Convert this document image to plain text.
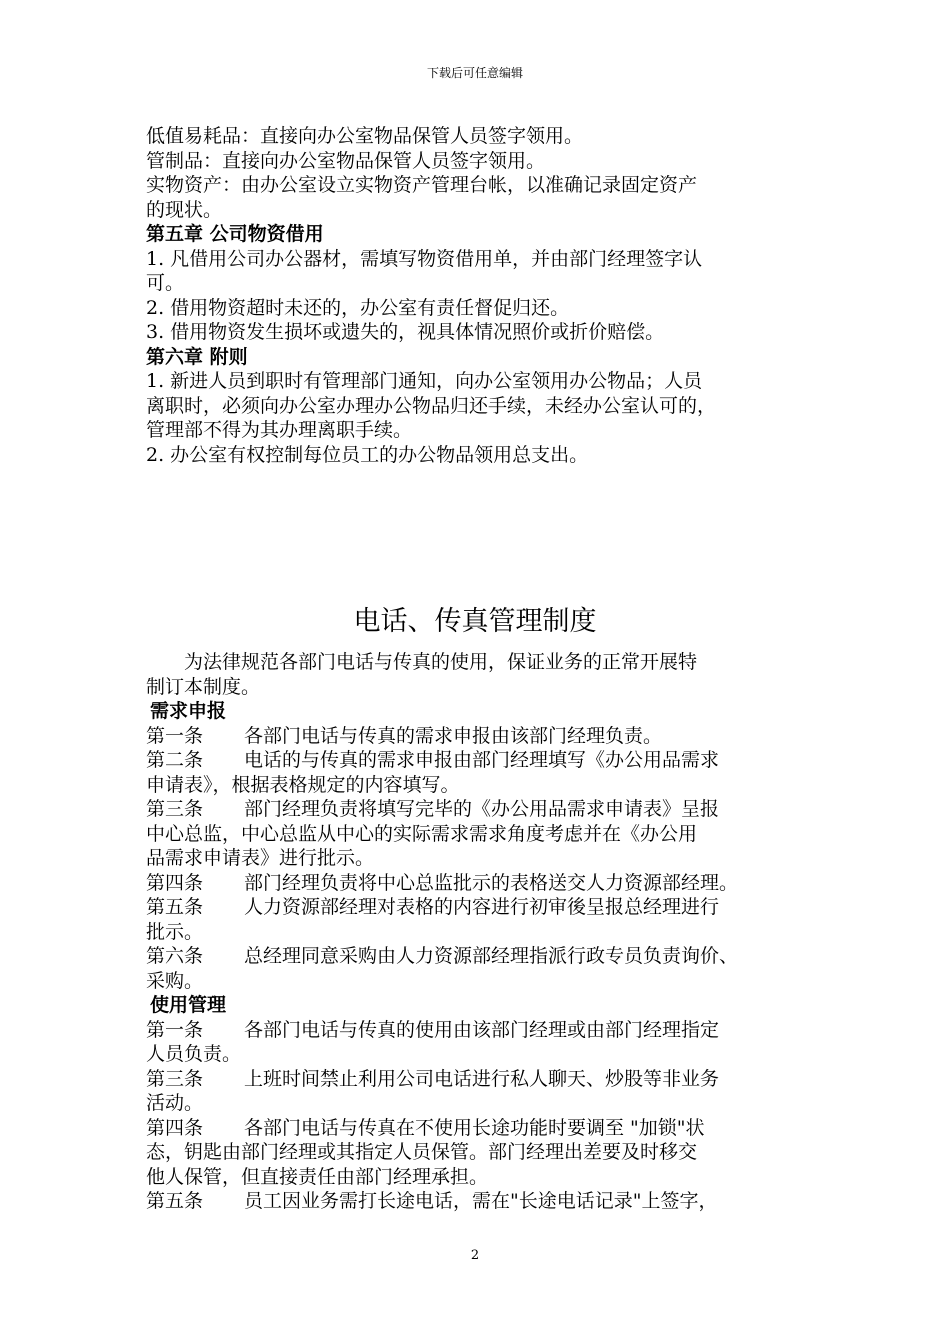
下载后可任意编辑
低值易耗品：直接向办公室物品保管人员签字领用。
管制品：直接向办公室物品保管人员签字领用。
实物资产：由办公室设立实物资产管理台帐，以准确记录固定资产
的现状。
第五章 公司物资借用
1. 凡借用公司办公器材，需填写物资借用单，并由部门经理签字认
可。
2. 借用物资超时未还的，办公室有责任督促归还。
3. 借用物资发生损坏或遗失的，视具体情况照价或折价赔偿。
第六章 附则
1. 新进人员到职时有管理部门通知，向办公室领用办公物品；人员
离职时，必须向办公室办理办公物品归还手续，未经办公室认可的，
管理部不得为其办理离职手续。
2. 办公室有权控制每位员工的办公物品领用总支出。
电话、传真管理制度
　　为法律规范各部门电话与传真的使用，保证业务的正常开展特
制订本制度。
需求申报
第一条 各部门电话与传真的需求申报由该部门经理负责。
第二条 电话的与传真的需求申报由部门经理填写《办公用品需求
申请表》，根据表格规定的内容填写。
第三条 部门经理负责将填写完毕的《办公用品需求申请表》呈报
中心总监，中心总监从中心的实际需求需求角度考虑并在《办公用
品需求申请表》进行批示。
第四条 部门经理负责将中心总监批示的表格送交人力资源部经理。
第五条 人力资源部经理对表格的内容进行初审後呈报总经理进行
批示。
第六条 总经理同意采购由人力资源部经理指派行政专员负责询价、
采购。
使用管理
第一条 各部门电话与传真的使用由该部门经理或由部门经理指定
人员负责。
第三条 上班时间禁止利用公司电话进行私人聊天、炒股等非业务
活动。
第四条 各部门电话与传真在不使用长途功能时要调至 "加锁"状
态，钥匙由部门经理或其指定人员保管。部门经理出差要及时移交
他人保管，但直接责任由部门经理承担。
第五条 员工因业务需打长途电话，需在"长途电话记录"上签字，
2
